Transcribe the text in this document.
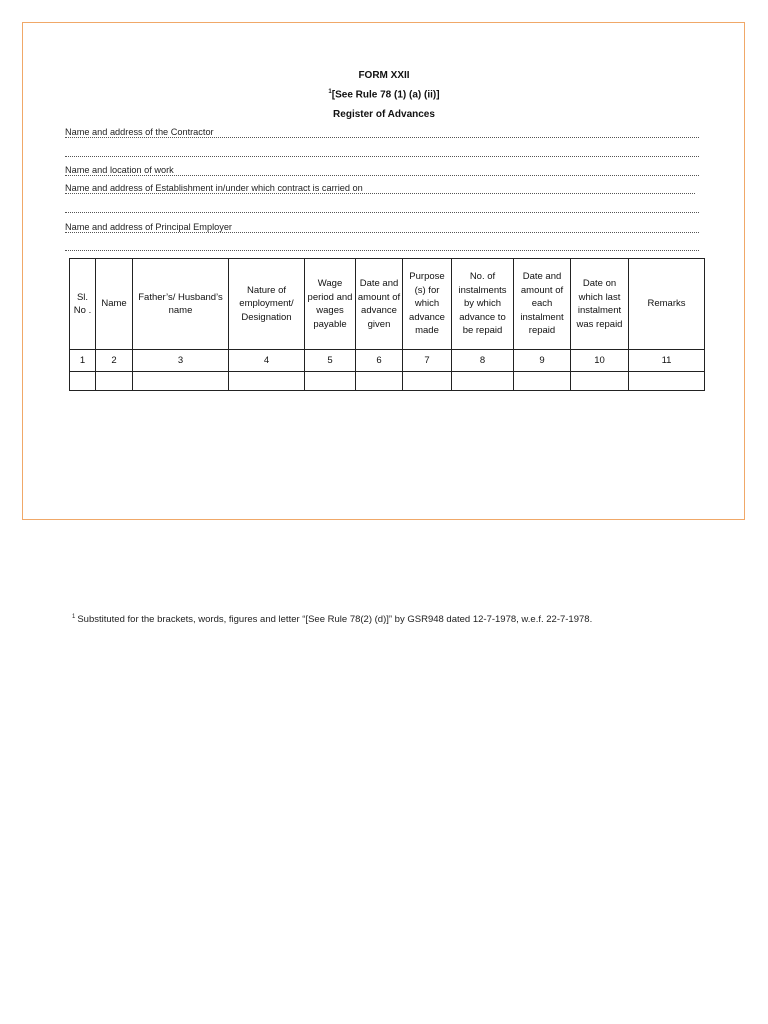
FORM XXII
$^1$[See Rule 78 (1) (a) (ii)]
Register of Advances
Name and address of the Contractor
Name and location of work
Name and address of Establishment in/under which contract is carried on
Name and address of Principal Employer
Sl. No .	Name	Father’s/ Husband’s name	Nature of employment/ Designation	Wage period and wages payable	Date and amount of advance given	Purpose (s) for which advance made	No. of instalments by which advance to be repaid	Date and amount of each instalment repaid	Date on which last instalment was repaid	Remarks
1	2	3	4	5	6	7	8	9	10	11

$^1$ Substituted for the brackets, words, figures and letter “[See Rule 78(2) (d)]” by GSR948 dated 12-7-1978, w.e.f. 22-7-1978.
